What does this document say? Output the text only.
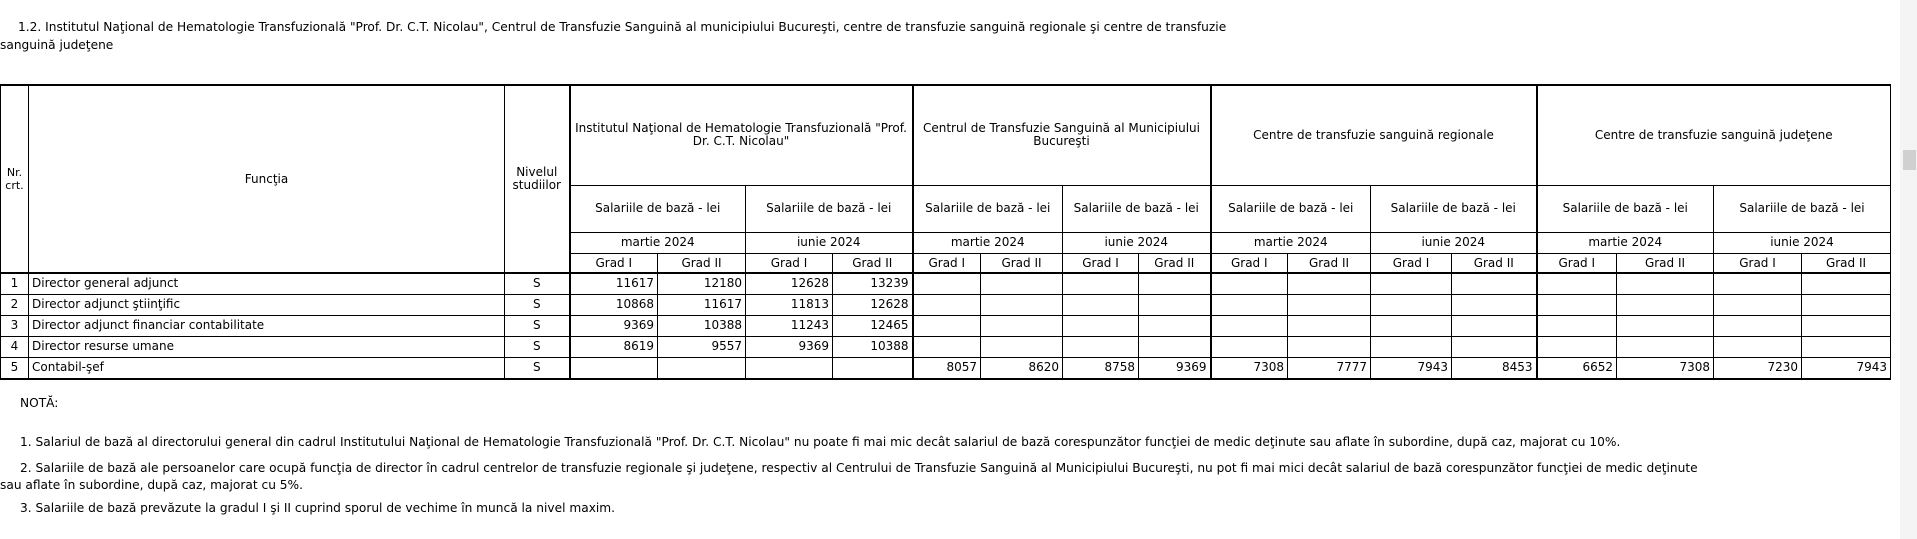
1.2. Institutul Naţional de Hematologie Transfuzională "Prof. Dr. C.T. Nicolau", Centrul de Transfuzie Sanguină al municipiului Bucureşti, centre de transfuzie sanguină regionale şi centre de transfuzie
sanguină judeţene
Nr. crt.	Funcţia	Nivelul studiilor	Institutul Naţional de Hematologie Transfuzională "Prof. Dr. C.T. Nicolau"				Centrul de Transfuzie Sanguină al Municipiului Bucureşti				Centre de transfuzie sanguină regionale				Centre de transfuzie sanguină judeţene			
			Salariile de bază - lei		Salariile de bază - lei		Salariile de bază - lei		Salariile de bază - lei		Salariile de bază - lei		Salariile de bază - lei		Salariile de bază - lei		Salariile de bază - lei	
			martie 2024		iunie 2024		martie 2024		iunie 2024		martie 2024		iunie 2024		martie 2024		iunie 2024	
			Grad I	Grad II	Grad I	Grad II	Grad I	Grad II	Grad I	Grad II	Grad I	Grad II	Grad I	Grad II	Grad I	Grad II	Grad I	Grad II

1	Director general adjunct	S	11617	12180	12628	13239												
2	Director adjunct ştiinţific	S	10868	11617	11813	12628												
3	Director adjunct financiar contabilitate	S	9369	10388	11243	12465												
4	Director resurse umane	S	8619	9557	9369	10388												
5	Contabil-şef	S					8057	8620	8758	9369	7308	7777	7943	8453	6652	7308	7230	7943
NOTĂ:
1. Salariul de bază al directorului general din cadrul Institutului Naţional de Hematologie Transfuzională "Prof. Dr. C.T. Nicolau" nu poate fi mai mic decât salariul de bază corespunzător funcţiei de medic deţinute sau aflate în subordine, după caz, majorat cu 10%.
2. Salariile de bază ale persoanelor care ocupă funcţia de director în cadrul centrelor de transfuzie regionale şi judeţene, respectiv al Centrului de Transfuzie Sanguină al Municipiului Bucureşti, nu pot fi mai mici decât salariul de bază corespunzător funcţiei de medic deţinute
sau aflate în subordine, după caz, majorat cu 5%.
3. Salariile de bază prevăzute la gradul I şi II cuprind sporul de vechime în muncă la nivel maxim.
